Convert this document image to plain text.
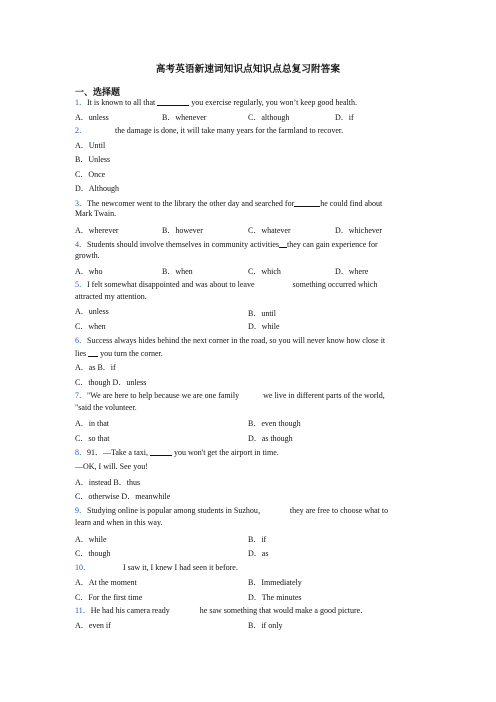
高考英语新速词知识点知识点总复习附答案
一、选择题
1．It is known to all that	you exercise regularly, you won’t keep good health.
A．unless	B．whenever	C．although	D．if
2．	the damage is done, it will take many years for the farmland to recover.
A．Until
B．Unless
C．Once
D．Although
3．The newcomer went to the library the other day and searched for	he could find about
Mark Twain.
A．wherever	B．however	C．whatever	D．whichever
4．Students should involve themselves in community activities they can gain experience for
growth.
A．who	B．when	C．which	D．where
5．I felt somewhat disappointed and was about to leave	something occurred which
attracted my attention.
A．unless	B．until
C．when	D．while
6．Success always hides behind the next corner in the road, so you will never know how close it
lies you turn the corner.
A．as B．if
C．though D．unless
7．"We are here to help because we are one family	we live in different parts of the world,
"said the volunteer.
A．in that	B．even though
C．so that	D．as though
8．91．—Take a taxi,	you won't get the airport in time.
—OK, I will. See you!
A．instead B．thus
C．otherwise D．meanwhile
9．Studying online is popular among students in Suzhou，	they are free to choose what to
learn and when in this way.
A．while	B．if
C．though	D．as
10．	I saw it, I knew I had seen it before.
A．At the moment	B．Immediately
C．For the first time	D．The minutes
11．He had his camera ready	he saw something that would make a good picture.
A．even if	B．if only
